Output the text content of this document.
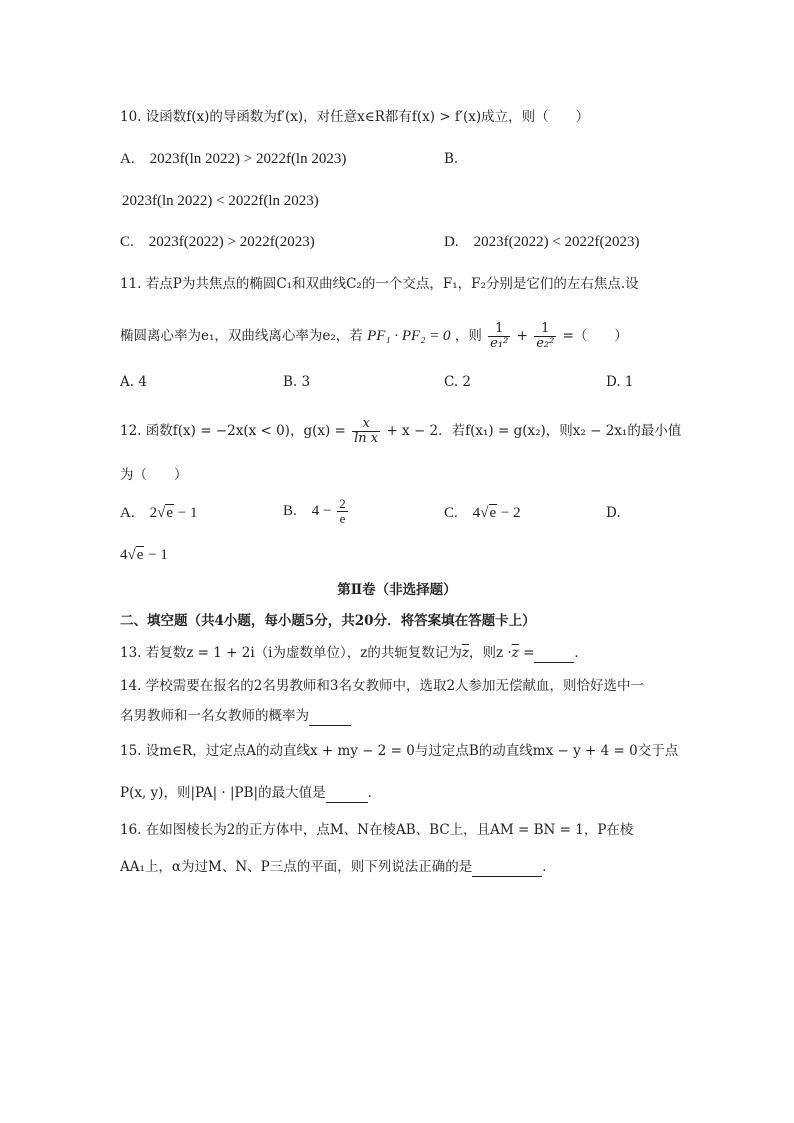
10. 设函数f(x)的导函数为f′(x)，对任意x∈R都有f(x) > f′(x)成立，则（　　）
A.　2023f(ln 2022) > 2022f(ln 2023)	B.
2023f(ln 2022) < 2022f(ln 2023)
C.　2023f(2022) > 2022f(2023)	D.　2023f(2022) < 2022f(2023)
11. 若点P为共焦点的椭圆C₁和双曲线C₂的一个交点，F₁，F₂分别是它们的左右焦点.设
椭圆离心率为e₁，双曲线离心率为e₂，若 PF₁ · PF₂ = 0 ，则 $\frac{1}{\text{e₁²}} + \frac{1}{\text{e₂²}}$ =（　　）
A. 4	B. 3	C. 2	D. 1
12. 函数f(x) = −2x(x < 0)，$g(x) = \frac{x}{\text{ln x}} + x - 2$．若f(x₁) = g(x₂)，则x₂ − 2x₁的最小值
为（　　）
A.　2√e − 1	B.　$4 - \frac{2}{e}$	C.　4√e − 2	D.
4√e − 1
第Ⅱ卷（非选择题）
二、填空题（共4小题，每小题5分，共20分．将答案填在答题卡上）
13. 若复数z = 1 + 2i（i为虚数单位），z的共轭复数记为$\overline{z}$，则$z \cdot\overline{z}$ =	．
14. 学校需要在报名的2名男教师和3名女教师中，选取2人参加无偿献血，则恰好选中一
名男教师和一名女教师的概率为
15. 设m∈R，过定点A的动直线x + my − 2 = 0与过定点B的动直线mx − y + 4 = 0交于点
P(x, y)，则|PA| · |PB|的最大值是	．
16. 在如图棱长为2的正方体中，点M、N在棱AB、BC上，且AM = BN = 1，P在棱
AA₁上，α为过M、N、P三点的平面，则下列说法正确的是	．
